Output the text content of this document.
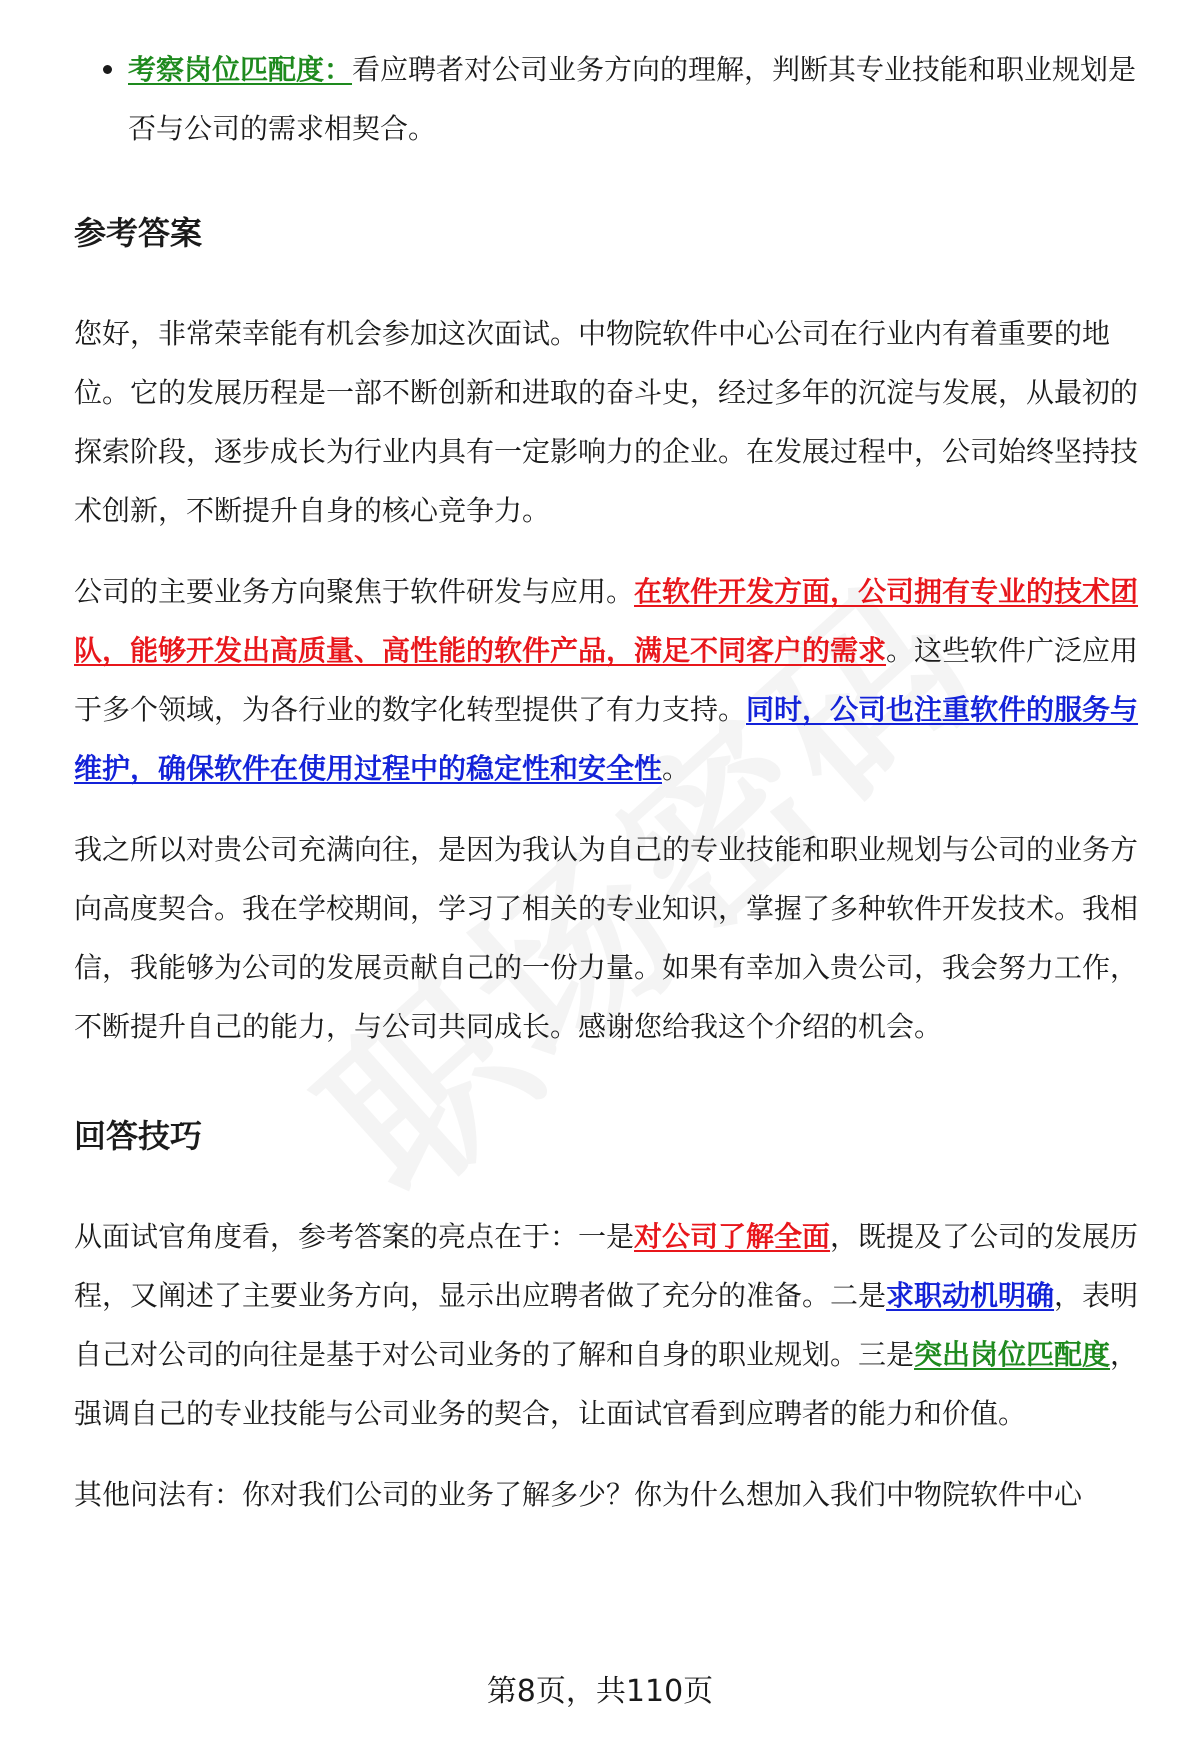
考察岗位匹配度：看应聘者对公司业务方向的理解，判断其专业技能和职业规划是否与公司的需求相契合。

参考答案

您好，非常荣幸能有机会参加这次面试。中物院软件中心公司在行业内有着重要的地位。它的发展历程是一部不断创新和进取的奋斗史，经过多年的沉淀与发展，从最初的探索阶段，逐步成长为行业内具有一定影响力的企业。在发展过程中，公司始终坚持技术创新，不断提升自身的核心竞争力。

公司的主要业务方向聚焦于软件研发与应用。在软件开发方面，公司拥有专业的技术团队，能够开发出高质量、高性能的软件产品，满足不同客户的需求。这些软件广泛应用于多个领域，为各行业的数字化转型提供了有力支持。同时，公司也注重软件的服务与维护，确保软件在使用过程中的稳定性和安全性。

我之所以对贵公司充满向往，是因为我认为自己的专业技能和职业规划与公司的业务方向高度契合。我在学校期间，学习了相关的专业知识，掌握了多种软件开发技术。我相信，我能够为公司的发展贡献自己的一份力量。如果有幸加入贵公司，我会努力工作，不断提升自己的能力，与公司共同成长。感谢您给我这个介绍的机会。

回答技巧

从面试官角度看，参考答案的亮点在于：一是对公司了解全面，既提及了公司的发展历程，又阐述了主要业务方向，显示出应聘者做了充分的准备。二是求职动机明确，表明自己对公司的向往是基于对公司业务的了解和自身的职业规划。三是突出岗位匹配度，强调自己的专业技能与公司业务的契合，让面试官看到应聘者的能力和价值。

其他问法有：你对我们公司的业务了解多少？你为什么想加入我们中物院软件中心

第8页，共110页
